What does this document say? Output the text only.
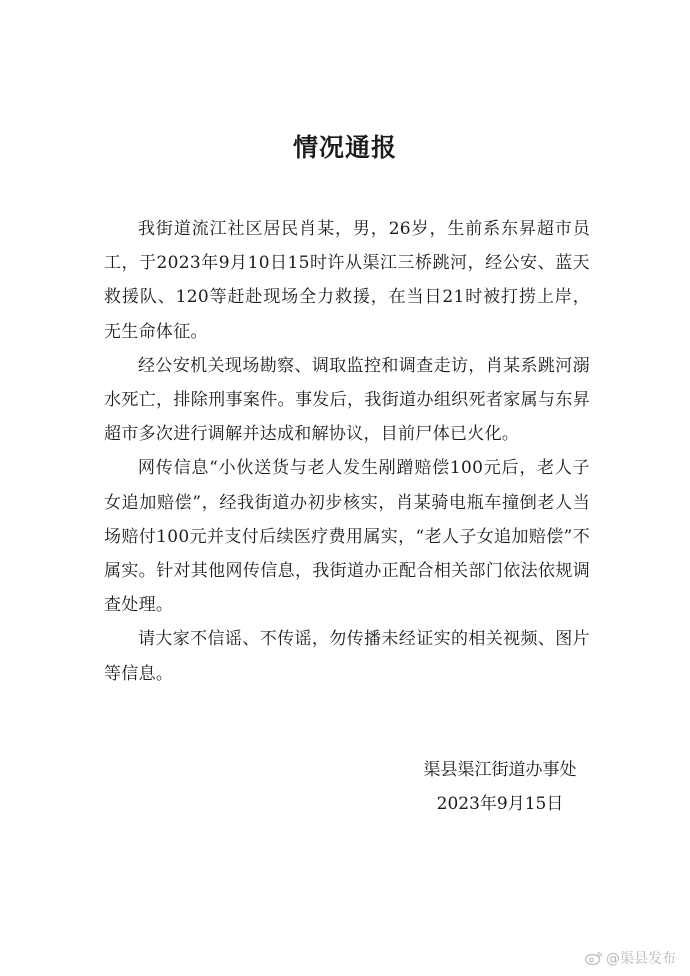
情况通报

我街道流江社区居民肖某，男，26岁，生前系东昇超市员工，于2023年9月10日15时许从渠江三桥跳河，经公安、蓝天救援队、120等赶赴现场全力救援，在当日21时被打捞上岸，无生命体征。

经公安机关现场勘察、调取监控和调查走访，肖某系跳河溺水死亡，排除刑事案件。事发后，我街道办组织死者家属与东昇超市多次进行调解并达成和解协议，目前尸体已火化。

网传信息“小伙送货与老人发生剐蹭赔偿100元后，老人子女追加赔偿”，经我街道办初步核实，肖某骑电瓶车撞倒老人当场赔付100元并支付后续医疗费用属实，“老人子女追加赔偿”不属实。针对其他网传信息，我街道办正配合相关部门依法依规调查处理。

请大家不信谣、不传谣，勿传播未经证实的相关视频、图片等信息。

渠县渠江街道办事处
2023年9月15日
@渠县发布
